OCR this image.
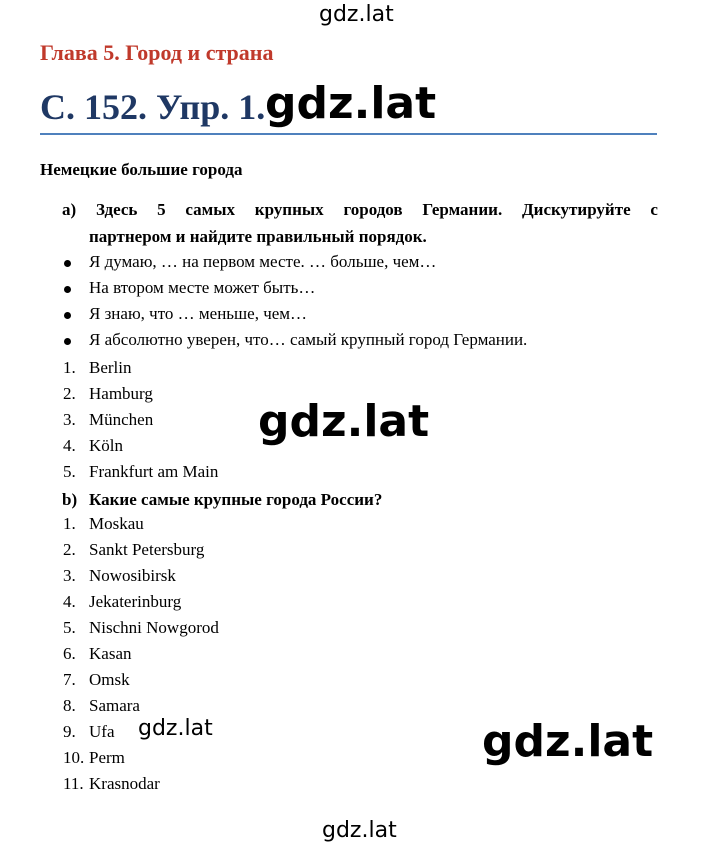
Глава 5. Город и страна
С. 152. Упр. 1.
Немецкие большие города
a) Здесь 5 самых крупных городов Германии. Дискутируйте с
партнером и найдите правильный порядок.
Я думаю, … на первом месте. … больше, чем…
На втором месте может быть…
Я знаю, что … меньше, чем…
Я абсолютно уверен, что… самый крупный город Германии.
1. Berlin
2. Hamburg
3. München
4. Köln
5. Frankfurt am Main
b) Какие самые крупные города России?
1. Moskau
2. Sankt Petersburg
3. Nowosibirsk
4. Jekaterinburg
5. Nischni Nowgorod
6. Kasan
7. Omsk
8. Samara
9. Ufa
10. Perm
11. Krasnodar
gdz.lat
gdz.lat
gdz.lat
gdz.lat	gdz.lat
gdz.lat
